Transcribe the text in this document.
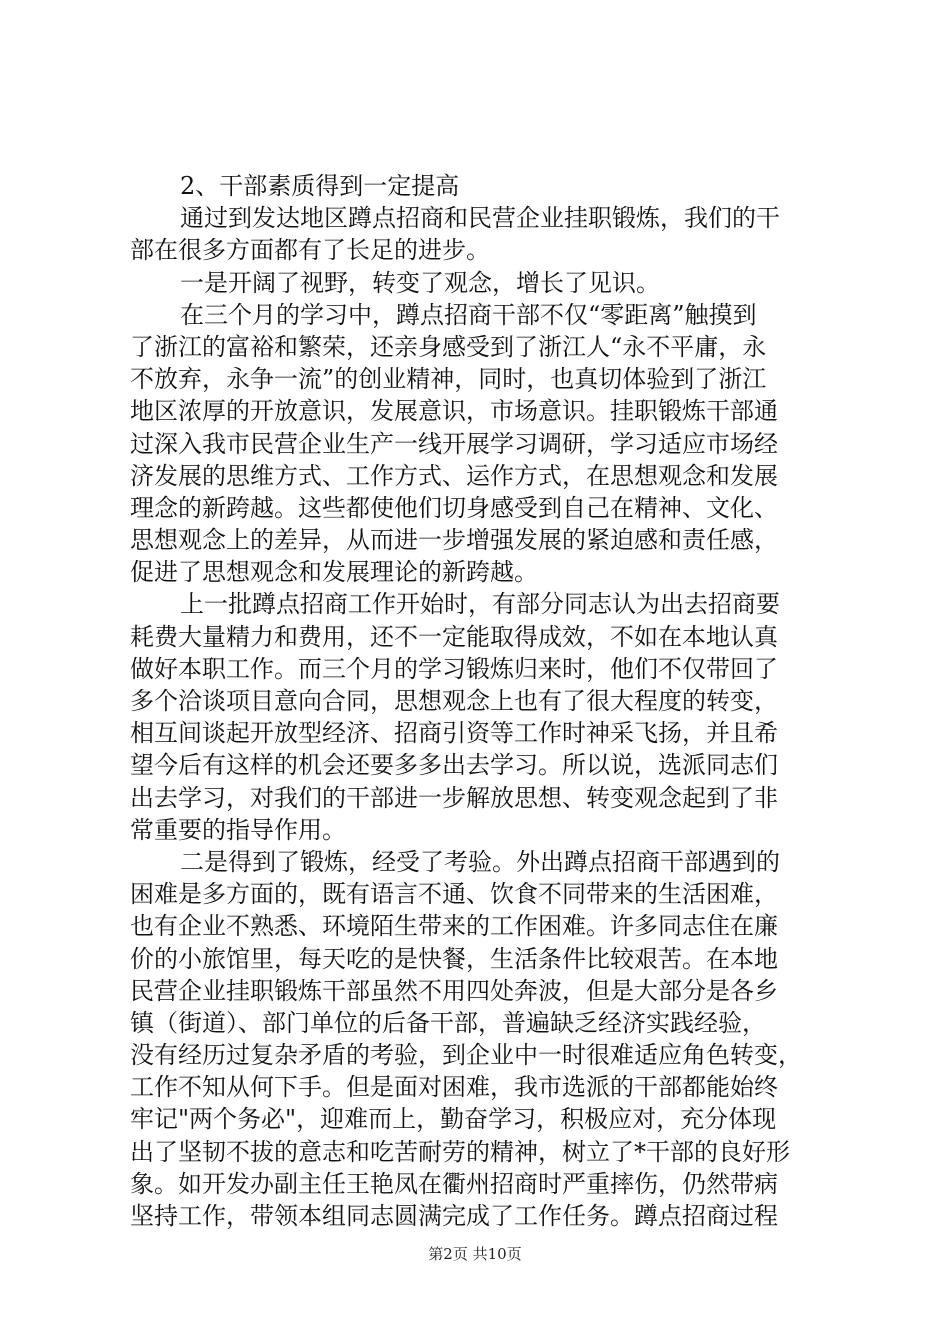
2、干部素质得到一定提高
通过到发达地区蹲点招商和民营企业挂职锻炼，我们的干
部在很多方面都有了长足的进步。
一是开阔了视野，转变了观念，增长了见识。
在三个月的学习中，蹲点招商干部不仅“零距离”触摸到
了浙江的富裕和繁荣，还亲身感受到了浙江人“永不平庸，永
不放弃，永争一流”的创业精神，同时，也真切体验到了浙江
地区浓厚的开放意识，发展意识，市场意识。挂职锻炼干部通
过深入我市民营企业生产一线开展学习调研，学习适应市场经
济发展的思维方式、工作方式、运作方式，在思想观念和发展
理念的新跨越。这些都使他们切身感受到自己在精神、文化、
思想观念上的差异，从而进一步增强发展的紧迫感和责任感，
促进了思想观念和发展理论的新跨越。
上一批蹲点招商工作开始时，有部分同志认为出去招商要
耗费大量精力和费用，还不一定能取得成效，不如在本地认真
做好本职工作。而三个月的学习锻炼归来时，他们不仅带回了
多个洽谈项目意向合同，思想观念上也有了很大程度的转变，
相互间谈起开放型经济、招商引资等工作时神采飞扬，并且希
望今后有这样的机会还要多多出去学习。所以说，选派同志们
出去学习，对我们的干部进一步解放思想、转变观念起到了非
常重要的指导作用。
二是得到了锻炼，经受了考验。外出蹲点招商干部遇到的
困难是多方面的，既有语言不通、饮食不同带来的生活困难，
也有企业不熟悉、环境陌生带来的工作困难。许多同志住在廉
价的小旅馆里，每天吃的是快餐，生活条件比较艰苦。在本地
民营企业挂职锻炼干部虽然不用四处奔波，但是大部分是各乡
镇（街道）、部门单位的后备干部，普遍缺乏经济实践经验，
没有经历过复杂矛盾的考验，到企业中一时很难适应角色转变，
工作不知从何下手。但是面对困难，我市选派的干部都能始终
牢记"两个务必"，迎难而上，勤奋学习，积极应对，充分体现
出了坚韧不拔的意志和吃苦耐劳的精神，树立了*干部的良好形
象。如开发办副主任王艳凤在衢州招商时严重摔伤，仍然带病
坚持工作，带领本组同志圆满完成了工作任务。蹲点招商过程
第2页 共10页
